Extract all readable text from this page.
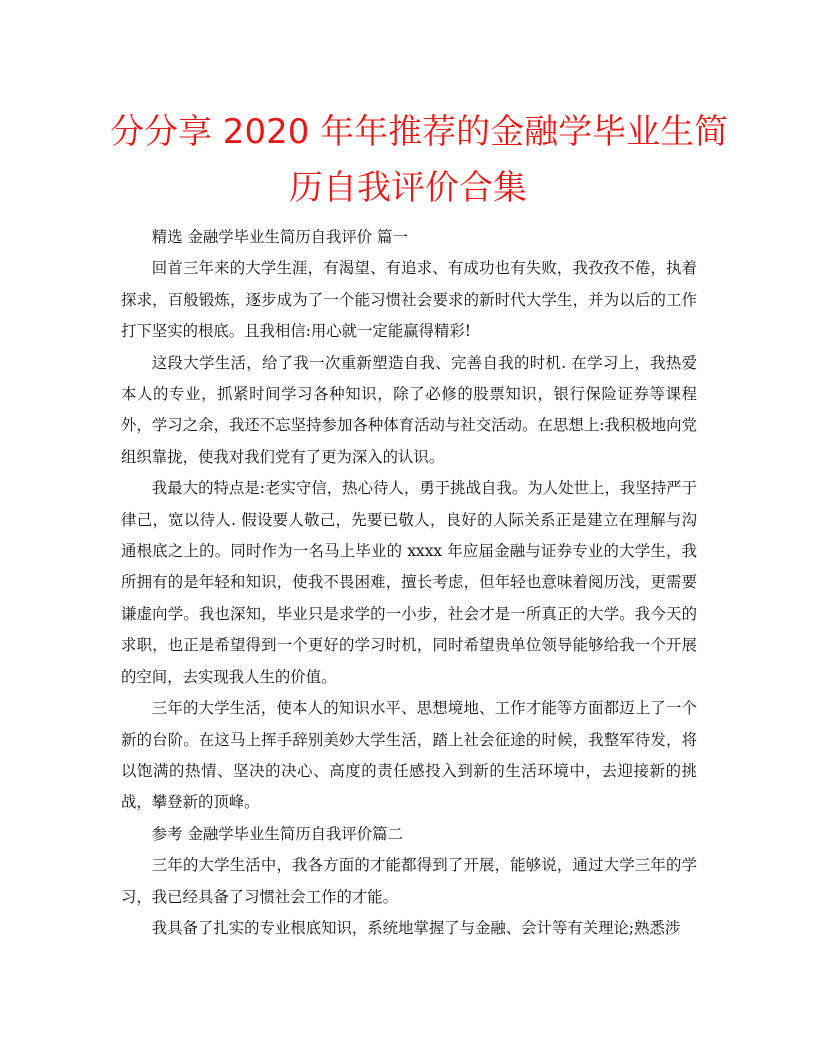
分分享 2020 年年推荐的金融学毕业生简
历自我评价合集

精选 金融学毕业生简历自我评价 篇一

回首三年来的大学生涯，有渴望、有追求、有成功也有失败，我孜孜不倦，执着探求，百般锻炼，逐步成为了一个能习惯社会要求的新时代大学生，并为以后的工作打下坚实的根底。且我相信:用心就一定能赢得精彩!

这段大学生活，给了我一次重新塑造自我、完善自我的时机. 在学习上，我热爱本人的专业，抓紧时间学习各种知识，除了必修的股票知识，银行保险证券等课程外，学习之余，我还不忘坚持参加各种体育活动与社交活动。在思想上:我积极地向党组织靠拢，使我对我们党有了更为深入的认识。

我最大的特点是:老实守信，热心待人，勇于挑战自我。为人处世上，我坚持严于律己，宽以待人. 假设要人敬己，先要已敬人，良好的人际关系正是建立在理解与沟通根底之上的。同时作为一名马上毕业的 xxxx 年应届金融与证券专业的大学生，我所拥有的是年轻和知识，使我不畏困难，擅长考虑，但年轻也意味着阅历浅，更需要谦虚向学。我也深知，毕业只是求学的一小步，社会才是一所真正的大学。我今天的求职，也正是希望得到一个更好的学习时机，同时希望贵单位领导能够给我一个开展的空间，去实现我人生的价值。

三年的大学生活，使本人的知识水平、思想境地、工作才能等方面都迈上了一个新的台阶。在这马上挥手辞别美妙大学生活，踏上社会征途的时候，我整军待发，将以饱满的热情、坚决的决心、高度的责任感投入到新的生活环境中，去迎接新的挑战，攀登新的顶峰。

参考 金融学毕业生简历自我评价篇二

三年的大学生活中，我各方面的才能都得到了开展，能够说，通过大学三年的学习，我已经具备了习惯社会工作的才能。

我具备了扎实的专业根底知识，系统地掌握了与金融、会计等有关理论;熟悉涉
